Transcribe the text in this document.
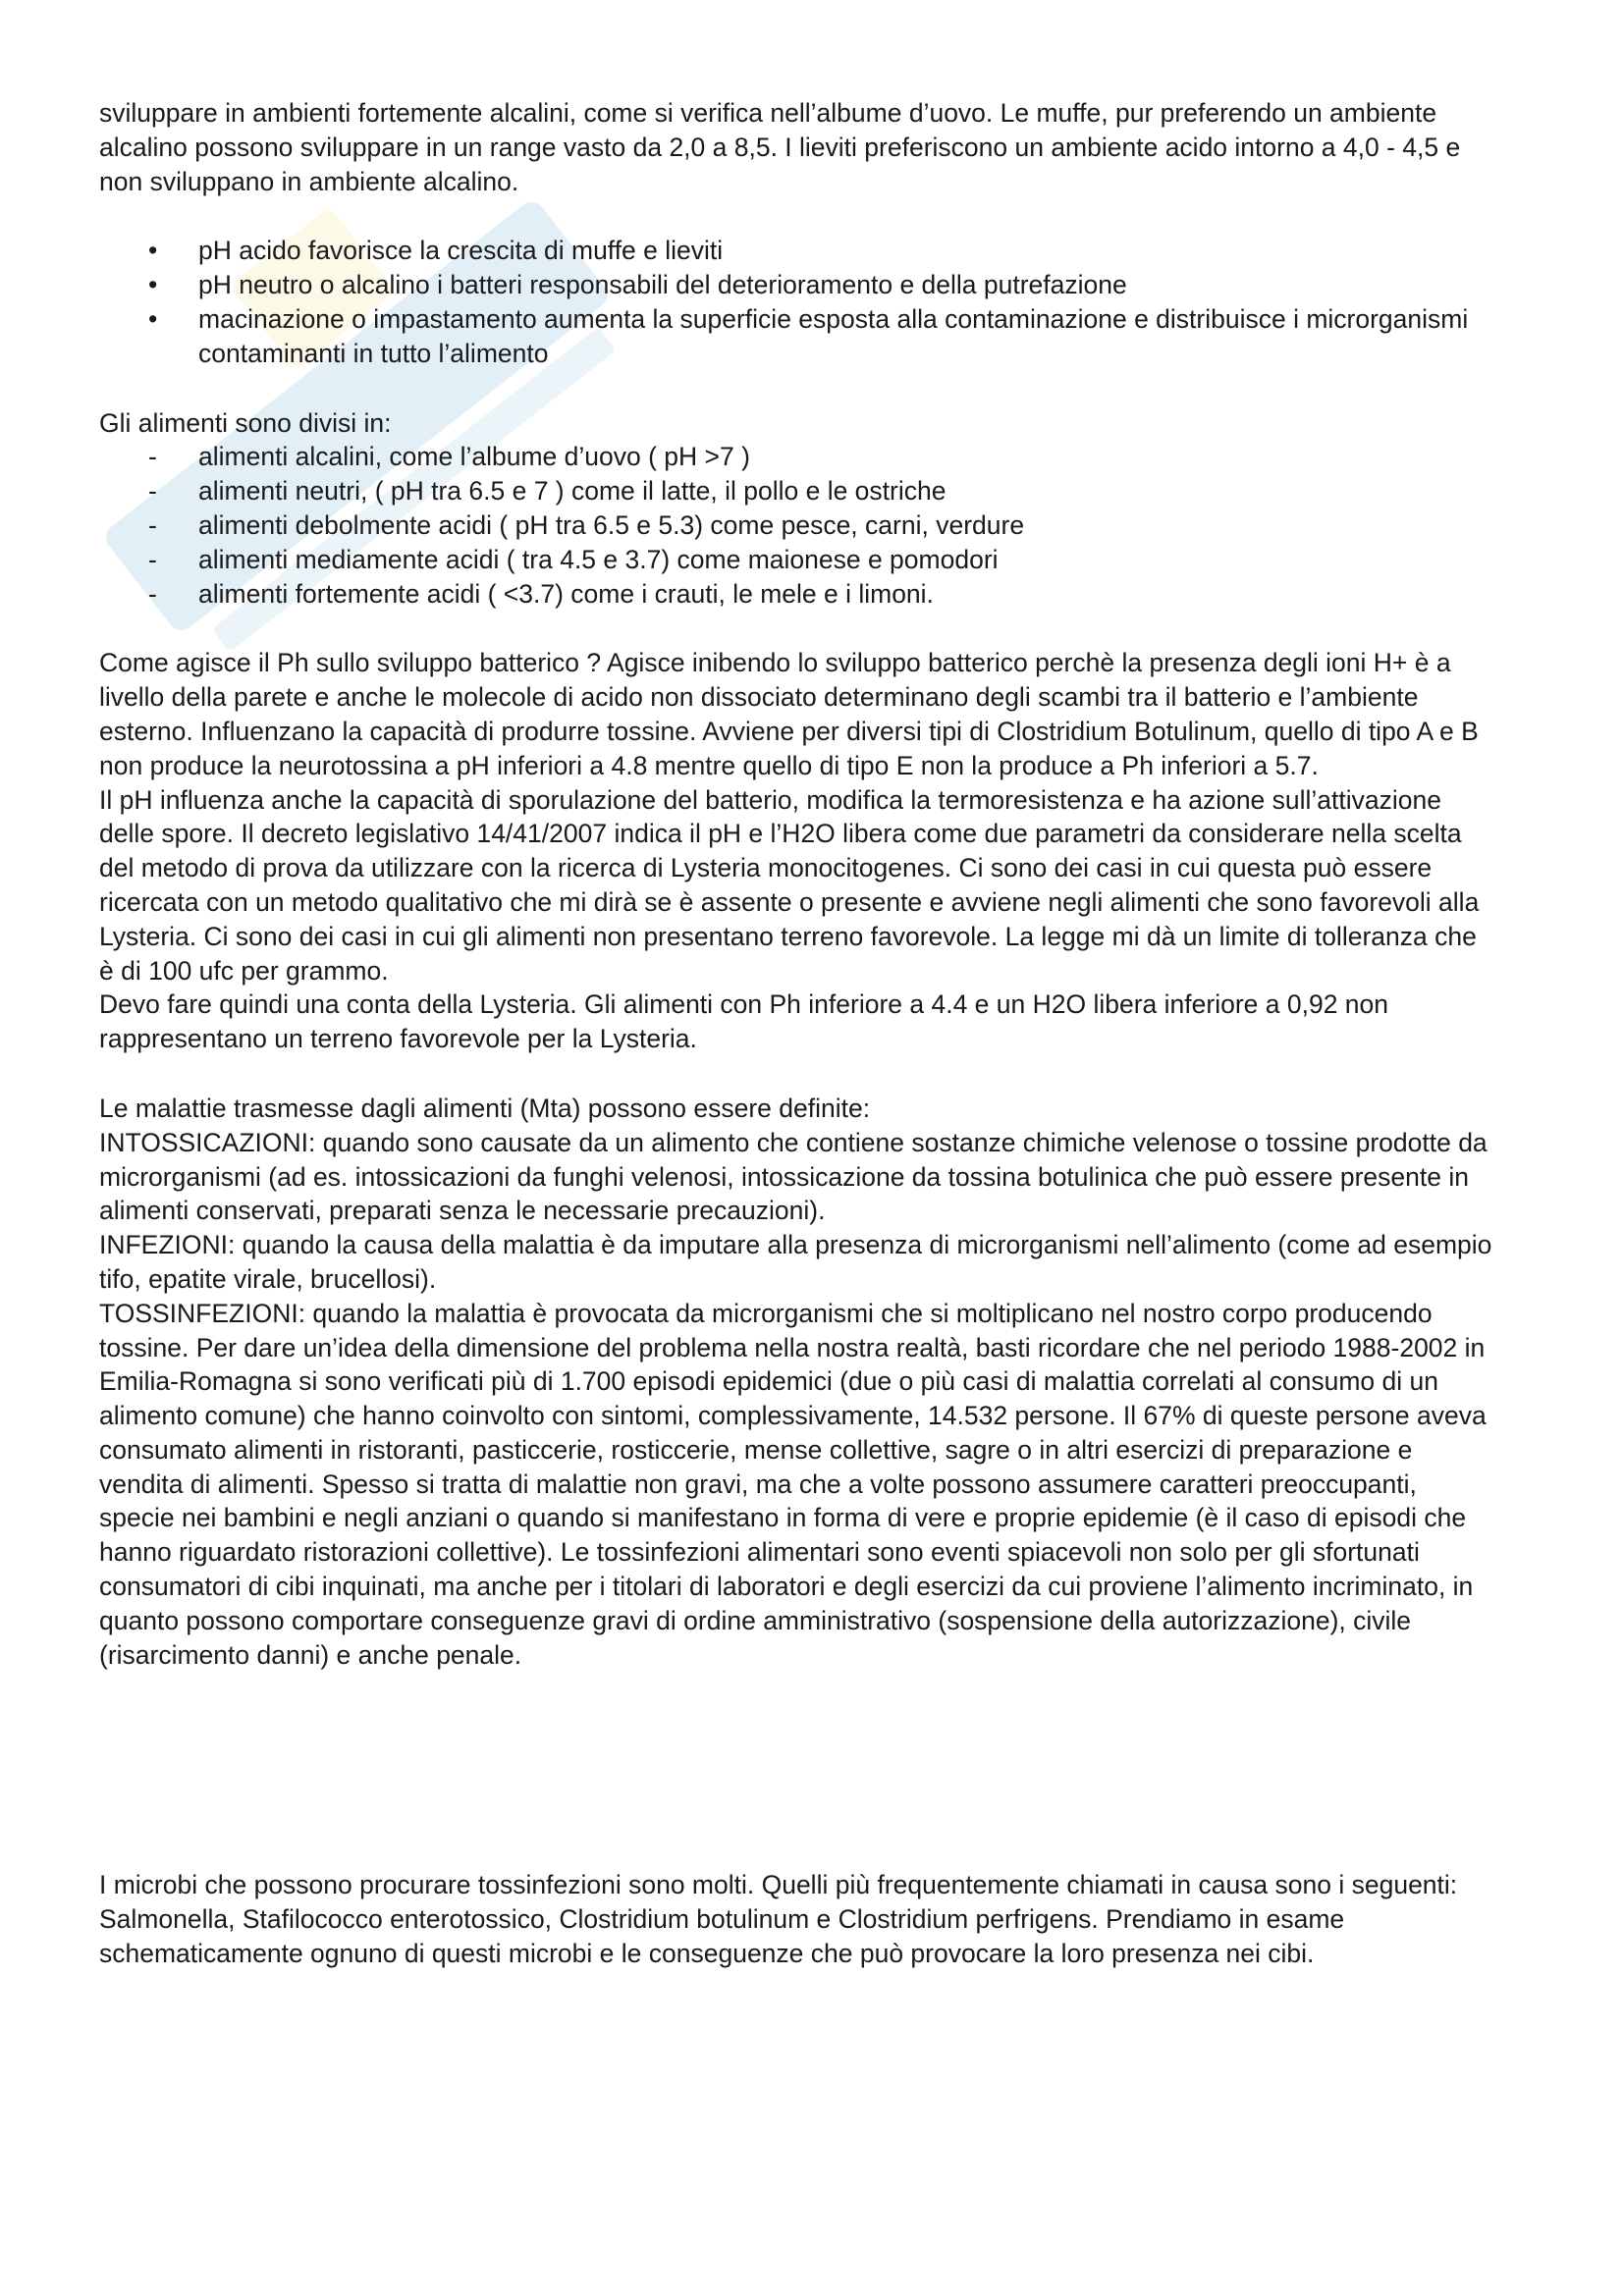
sviluppare in ambienti fortemente alcalini, come si verifica nell’albume d’uovo. Le muffe, pur preferendo un ambiente alcalino possono sviluppare in un range vasto da 2,0 a 8,5. I lieviti preferiscono un ambiente acido intorno a 4,0 - 4,5 e non sviluppano in ambiente alcalino.

• pH acido favorisce la crescita di muffe e lieviti
• pH neutro o alcalino i batteri responsabili del deterioramento e della putrefazione
• macinazione o impastamento aumenta la superficie esposta alla contaminazione e distribuisce i microrganismi contaminanti in tutto l’alimento

Gli alimenti sono divisi in:

- alimenti alcalini, come l’albume d’uovo ( pH >7 )
- alimenti neutri, ( pH tra 6.5 e 7 ) come il latte, il pollo e le ostriche
- alimenti debolmente acidi ( pH tra 6.5 e 5.3) come pesce, carni, verdure
- alimenti mediamente acidi ( tra 4.5 e 3.7) come maionese e pomodori
- alimenti fortemente acidi ( <3.7) come i crauti, le mele e i limoni.

Come agisce il Ph sullo sviluppo batterico ? Agisce inibendo lo sviluppo batterico perchè la presenza degli ioni H+ è a livello della parete e anche le molecole di acido non dissociato determinano degli scambi tra il batterio e l’ambiente esterno. Influenzano la capacità di produrre tossine. Avviene per diversi tipi di Clostridium Botulinum, quello di tipo A e B non produce la neurotossina a pH inferiori a 4.8 mentre quello di tipo E non la produce a Ph inferiori a 5.7.

Il pH influenza anche la capacità di sporulazione del batterio, modifica la termoresistenza e ha azione sull’attivazione delle spore. Il decreto legislativo 14/41/2007 indica il pH e l’H2O libera come due parametri da considerare nella scelta del metodo di prova da utilizzare con la ricerca di Lysteria monocitogenes. Ci sono dei casi in cui questa può essere ricercata con un metodo qualitativo che mi dirà se è assente o presente e avviene negli alimenti che sono favorevoli alla Lysteria. Ci sono dei casi in cui gli alimenti non presentano terreno favorevole. La legge mi dà un limite di tolleranza che è di 100 ufc per grammo.

Devo fare quindi una conta della Lysteria. Gli alimenti con Ph inferiore a 4.4 e un H2O libera inferiore a 0,92 non rappresentano un terreno favorevole per la Lysteria.

Le malattie trasmesse dagli alimenti (Mta) possono essere definite:

INTOSSICAZIONI: quando sono causate da un alimento che contiene sostanze chimiche velenose o tossine prodotte da microrganismi (ad es. intossicazioni da funghi velenosi, intossicazione da tossina botulinica che può essere presente in alimenti conservati, preparati senza le necessarie precauzioni).

INFEZIONI: quando la causa della malattia è da imputare alla presenza di microrganismi nell’alimento (come ad esempio tifo, epatite virale, brucellosi).

TOSSINFEZIONI: quando la malattia è provocata da microrganismi che si moltiplicano nel nostro corpo producendo tossine. Per dare un’idea della dimensione del problema nella nostra realtà, basti ricordare che nel periodo 1988-2002 in Emilia-Romagna si sono verificati più di 1.700 episodi epidemici (due o più casi di malattia correlati al consumo di un alimento comune) che hanno coinvolto con sintomi, complessivamente, 14.532 persone. Il 67% di queste persone aveva consumato alimenti in ristoranti, pasticcerie, rosticcerie, mense collettive, sagre o in altri esercizi di preparazione e vendita di alimenti. Spesso si tratta di malattie non gravi, ma che a volte possono assumere caratteri preoccupanti, specie nei bambini e negli anziani o quando si manifestano in forma di vere e proprie epidemie (è il caso di episodi che hanno riguardato ristorazioni collettive). Le tossinfezioni alimentari sono eventi spiacevoli non solo per gli sfortunati consumatori di cibi inquinati, ma anche per i titolari di laboratori e degli esercizi da cui proviene l’alimento incriminato, in quanto possono comportare conseguenze gravi di ordine amministrativo (sospensione della autorizzazione), civile (risarcimento danni) e anche penale.

I microbi che possono procurare tossinfezioni sono molti. Quelli più frequentemente chiamati in causa sono i seguenti: Salmonella, Stafilococco enterotossico, Clostridium botulinum e Clostridium perfrigens. Prendiamo in esame schematicamente ognuno di questi microbi e le conseguenze che può provocare la loro presenza nei cibi.
